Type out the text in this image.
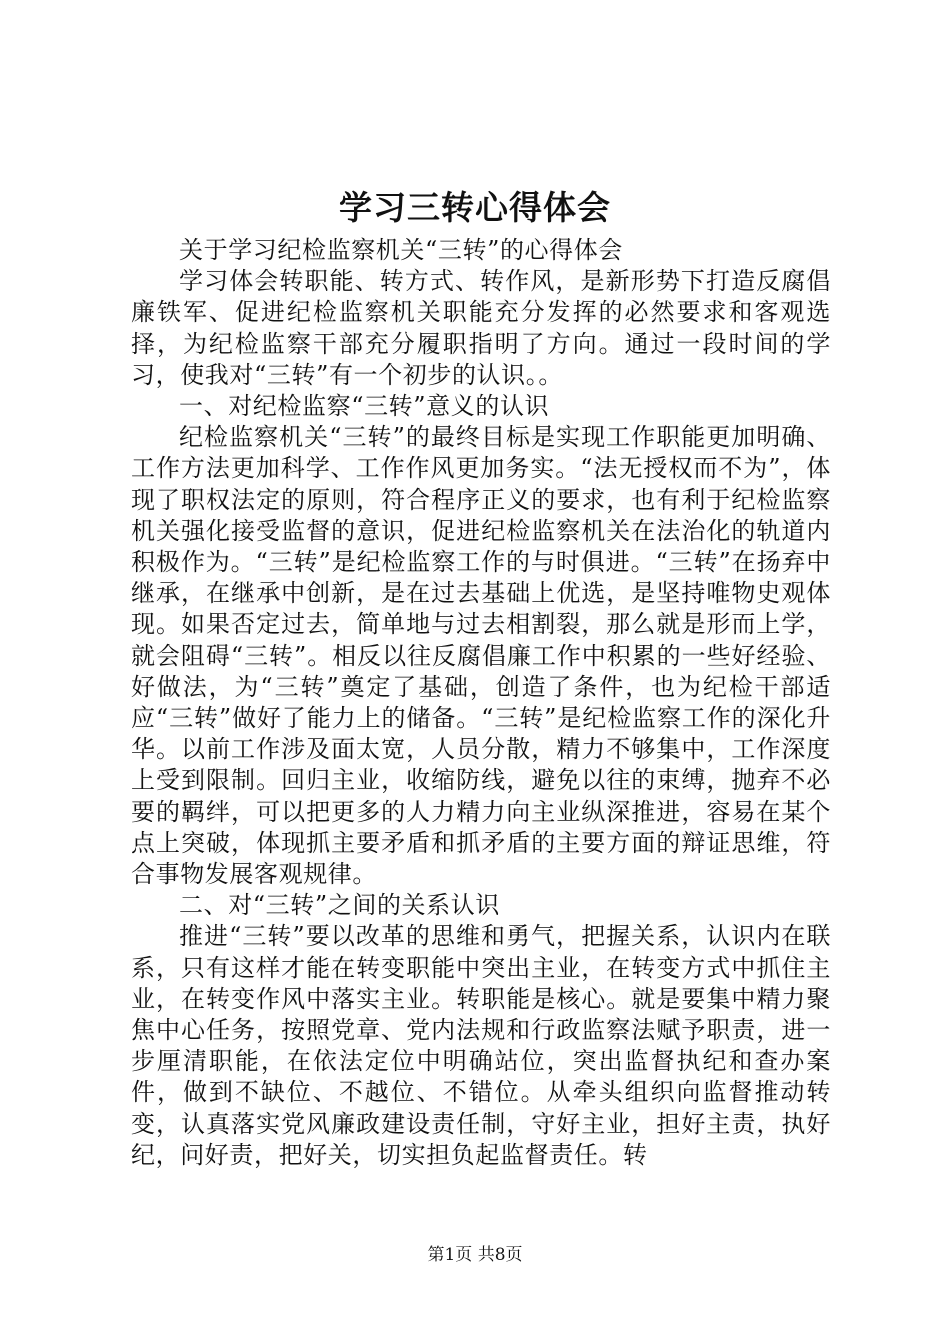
学习三转心得体会

关于学习纪检监察机关“三转”的心得体会

学习体会转职能、转方式、转作风，是新形势下打造反腐倡廉铁军、促进纪检监察机关职能充分发挥的必然要求和客观选择，为纪检监察干部充分履职指明了方向。通过一段时间的学习，使我对“三转”有一个初步的认识。。

一、对纪检监察“三转”意义的认识

纪检监察机关“三转”的最终目标是实现工作职能更加明确、工作方法更加科学、工作作风更加务实。“法无授权而不为”，体现了职权法定的原则，符合程序正义的要求，也有利于纪检监察机关强化接受监督的意识，促进纪检监察机关在法治化的轨道内积极作为。“三转”是纪检监察工作的与时俱进。“三转”在扬弃中继承，在继承中创新，是在过去基础上优选，是坚持唯物史观体现。如果否定过去，简单地与过去相割裂，那么就是形而上学，就会阻碍“三转”。相反以往反腐倡廉工作中积累的一些好经验、好做法，为“三转”奠定了基础，创造了条件，也为纪检干部适应“三转”做好了能力上的储备。“三转”是纪检监察工作的深化升华。以前工作涉及面太宽，人员分散，精力不够集中，工作深度上受到限制。回归主业，收缩防线，避免以往的束缚，抛弃不必要的羁绊，可以把更多的人力精力向主业纵深推进，容易在某个点上突破，体现抓主要矛盾和抓矛盾的主要方面的辩证思维，符合事物发展客观规律。

二、对“三转”之间的关系认识

推进“三转”要以改革的思维和勇气，把握关系，认识内在联系，只有这样才能在转变职能中突出主业，在转变方式中抓住主业，在转变作风中落实主业。转职能是核心。就是要集中精力聚焦中心任务，按照党章、党内法规和行政监察法赋予职责，进一步厘清职能，在依法定位中明确站位，突出监督执纪和查办案件，做到不缺位、不越位、不错位。从牵头组织向监督推动转变，认真落实党风廉政建设责任制，守好主业，担好主责，执好纪，问好责，把好关，切实担负起监督责任。转

第1页 共8页
